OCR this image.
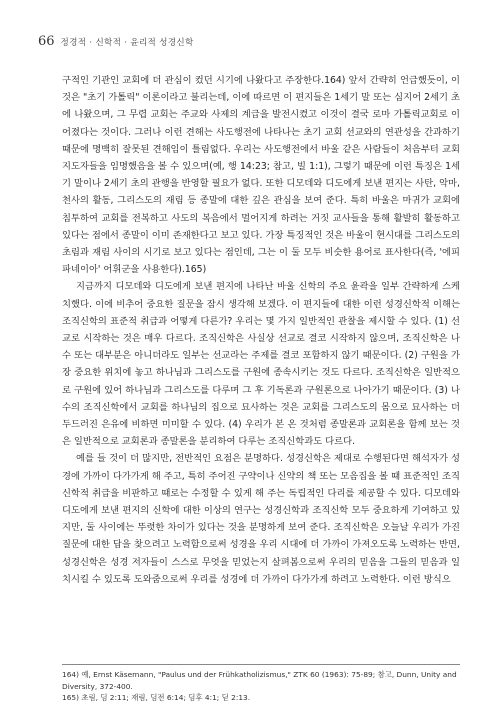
66 정경적 · 신학적 · 윤리적 성경신학

구적인 기관인 교회에 더 관심이 컸던 시기에 나왔다고 주장한다.164) 앞서 간략히 언급했듯이, 이것은 "초기 가톨릭" 이론이라고 불리는데, 이에 따르면 이 편지들은 1세기 말 또는 심지어 2세기 초에 나왔으며, 그 무렵 교회는 주교와 사제의 계급을 발전시켰고 이것이 결국 로마 가톨릭교회로 이어졌다는 것이다. 그러나 이런 견해는 사도행전에 나타나는 초기 교회 선교와의 연관성을 간과하기 때문에 명백히 잘못된 견해임이 틀림없다. 우리는 사도행전에서 바울 같은 사람들이 처음부터 교회 지도자들을 임명했음을 볼 수 있으며(예, 행 14:23; 참고, 빌 1:1), 그렇기 때문에 이런 특징은 1세기 말이나 2세기 초의 관행을 반영할 필요가 없다. 또한 디모데와 디도에게 보낸 편지는 사탄, 악마, 천사의 활동, 그리스도의 재림 등 종말에 대한 깊은 관심을 보여 준다. 특히 바울은 마귀가 교회에 침투하여 교회를 전복하고 사도의 복음에서 멀어지게 하려는 거짓 교사들을 통해 활발히 활동하고 있다는 점에서 종말이 이미 존재한다고 보고 있다. 가장 특징적인 것은 바울이 현시대를 그리스도의 초림과 재림 사이의 시기로 보고 있다는 점인데, 그는 이 둘 모두 비슷한 용어로 표사한다(즉, '에피파네이아' 어휘군을 사용한다).165)

지금까지 디모데와 디도에게 보낸 편지에 나타난 바울 신학의 주요 윤곽을 일부 간략하게 스케치했다. 이에 비추어 중요한 질문을 잠시 생각해 보겠다. 이 편지들에 대한 이런 성경신학적 이해는 조직신학의 표준적 취급과 어떻게 다른가? 우리는 몇 가지 일반적인 관찰을 제시할 수 있다. (1) 선교로 시작하는 것은 매우 다르다. 조직신학은 사실상 선교로 결코 시작하지 않으며, 조직신학은 나수 또는 대부분은 아니더라도 일부는 선교라는 주제를 결코 포함하지 않기 때문이다. (2) 구원을 가장 중요한 위치에 놓고 하나님과 그리스도를 구원에 종속시키는 것도 다르다. 조직신학은 일반적으로 구원에 있어 하나님과 그리스도를 다루며 그 후 기독론과 구원론으로 나아가기 때문이다. (3) 나수의 조직신학에서 교회를 하나님의 집으로 묘사하는 것은 교회를 그리스도의 몸으로 묘사하는 더 두드러진 은유에 비하면 미미할 수 있다. (4) 우리가 본 온 것처럼 종말론과 교회론을 함께 보는 것은 일반적으로 교회론과 종말론을 분리하여 다루는 조직신학과도 다르다.

예를 들 것이 더 많지만, 전반적인 요점은 분명하다. 성경신학은 제대로 수행된다면 해석자가 성경에 가까이 다가가게 해 주고, 특히 주어진 구약이나 신약의 책 또는 모음집을 볼 때 표준적인 조직신학적 취급을 비판하고 때로는 수정할 수 있게 해 주는 독립적인 다리를 제공할 수 있다. 디모데와 디도에게 보낸 편지의 신학에 대한 이상의 연구는 성경신학과 조직신학 모두 중요하게 기여하고 있지만, 둘 사이에는 뚜렷한 차이가 있다는 것을 분명하게 보여 준다. 조직신학은 오늘날 우리가 가진 질문에 대한 답을 찾으려고 노력함으로써 성경을 우리 시대에 더 가까이 가져오도록 노력하는 반면, 성경신학은 성경 저자들이 스스로 무엇을 믿었는지 살펴봄으로써 우리의 믿음을 그들의 믿음과 일치시킬 수 있도록 도와줌으로써 우리를 성경에 더 가까이 다가가게 하려고 노력한다. 이런 방식으

164) 예, Ernst Käsemann, "Paulus und der Frühkatholizismus," ZTK 60 (1963): 75-89; 참고, Dunn, Unity and Diversity, 372-400.

165) 초림, 딤 2:11; 재림, 딤전 6:14; 딤후 4:1; 딛 2:13.
